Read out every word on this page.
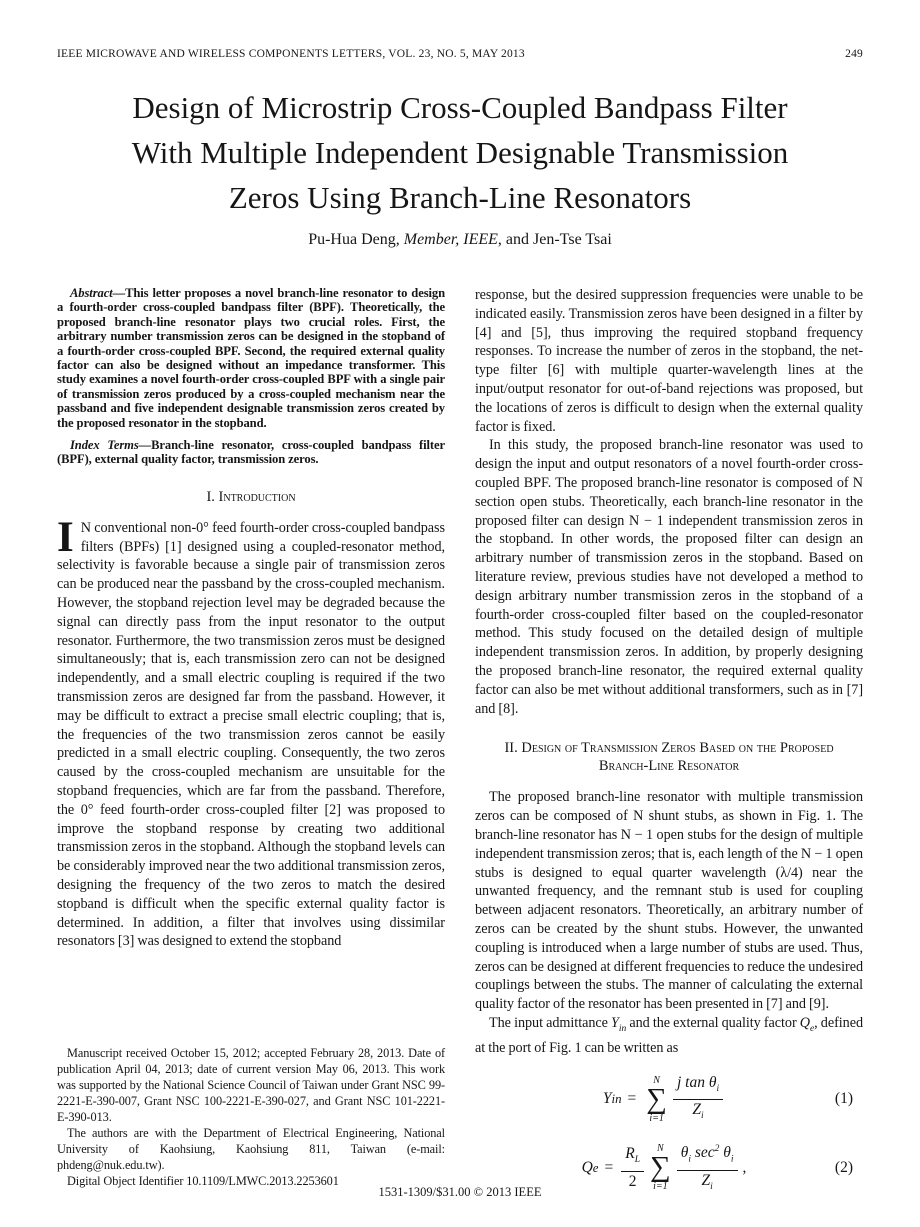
IEEE MICROWAVE AND WIRELESS COMPONENTS LETTERS, VOL. 23, NO. 5, MAY 2013	249
Design of Microstrip Cross-Coupled Bandpass Filter
With Multiple Independent Designable Transmission
Zeros Using Branch-Line Resonators
Pu-Hua Deng, Member, IEEE, and Jen-Tse Tsai

Abstract—This letter proposes a novel branch-line resonator to design a fourth-order cross-coupled bandpass filter (BPF). Theoretically, the proposed branch-line resonator plays two crucial roles. First, the arbitrary number transmission zeros can be designed in the stopband of a fourth-order cross-coupled BPF. Second, the required external quality factor can also be designed without an impedance transformer. This study examines a novel fourth-order cross-coupled BPF with a single pair of transmission zeros produced by a cross-coupled mechanism near the passband and five independent designable transmission zeros created by the proposed resonator in the stopband.

Index Terms—Branch-line resonator, cross-coupled bandpass filter (BPF), external quality factor, transmission zeros.

I. Introduction

I N conventional non-0° feed fourth-order cross-coupled bandpass filters (BPFs) [1] designed using a coupled-resonator method, selectivity is favorable because a single pair of transmission zeros can be produced near the passband by the cross-coupled mechanism. However, the stopband rejection level may be degraded because the signal can directly pass from the input resonator to the output resonator. Furthermore, the two transmission zeros must be designed simultaneously; that is, each transmission zero can not be designed independently, and a small electric coupling is required if the two transmission zeros are designed far from the passband. However, it may be difficult to extract a precise small electric coupling; that is, the frequencies of the two transmission zeros cannot be easily predicted in a small electric coupling. Consequently, the two zeros caused by the cross-coupled mechanism are unsuitable for the stopband frequencies, which are far from the passband. Therefore, the 0° feed fourth-order cross-coupled filter [2] was proposed to improve the stopband response by creating two additional transmission zeros in the stopband. Although the stopband levels can be considerably improved near the two additional transmission zeros, designing the frequency of the two zeros to match the desired stopband is difficult when the specific external quality factor is determined. In addition, a filter that involves using dissimilar resonators [3] was designed to extend the stopband

response, but the desired suppression frequencies were unable to be indicated easily. Transmission zeros have been designed in a filter by [4] and [5], thus improving the required stopband frequency responses. To increase the number of zeros in the stopband, the net-type filter [6] with multiple quarter-wavelength lines at the input/output resonator for out-of-band rejections was proposed, but the locations of zeros is difficult to design when the external quality factor is fixed.

In this study, the proposed branch-line resonator was used to design the input and output resonators of a novel fourth-order cross-coupled BPF. The proposed branch-line resonator is composed of N section open stubs. Theoretically, each branch-line resonator in the proposed filter can design N − 1 independent transmission zeros in the stopband. In other words, the proposed filter can design an arbitrary number of transmission zeros in the stopband. Based on literature review, previous studies have not developed a method to design arbitrary number transmission zeros in the stopband of a fourth-order cross-coupled filter based on the coupled-resonator method. This study focused on the detailed design of multiple independent transmission zeros. In addition, by properly designing the proposed branch-line resonator, the required external quality factor can also be met without additional transformers, such as in [7] and [8].

II. Design of Transmission Zeros Based on the Proposed Branch-Line Resonator

The proposed branch-line resonator with multiple transmission zeros can be composed of N shunt stubs, as shown in Fig. 1. The branch-line resonator has N − 1 open stubs for the design of multiple independent transmission zeros; that is, each length of the N − 1 open stubs is designed to equal quarter wavelength (λ/4) near the unwanted frequency, and the remnant stub is used for coupling between adjacent resonators. Theoretically, an arbitrary number of zeros can be created by the shunt stubs. However, the unwanted coupling is introduced when a large number of stubs are used. Thus, zeros can be designed at different frequencies to reduce the undesired couplings between the stubs. The manner of calculating the external quality factor of the resonator has been presented in [7] and [9].

The input admittance $Y_{in}$ and the external quality factor $Q_e$, defined at the port of Fig. 1 can be written as

Y in =
N
∑
$i=1 \frac{j \tan \theta_i}{Z_i}$	(1)
Q $e = \frac{R_L}{2}$ N
∑
$i=1 \frac{\theta_i \sec^2 \theta_i}{Z_i}$ ,	(2)

Manuscript received October 15, 2012; accepted February 28, 2013. Date of publication April 04, 2013; date of current version May 06, 2013. This work was supported by the National Science Council of Taiwan under Grant NSC 99-2221-E-390-007, Grant NSC 100-2221-E-390-027, and Grant NSC 101-2221-E-390-013.

The authors are with the Department of Electrical Engineering, National University of Kaohsiung, Kaohsiung 811, Taiwan (e-mail: phdeng@nuk.edu.tw).

Digital Object Identifier 10.1109/LMWC.2013.2253601

1531-1309/$31.00 © 2013 IEEE
